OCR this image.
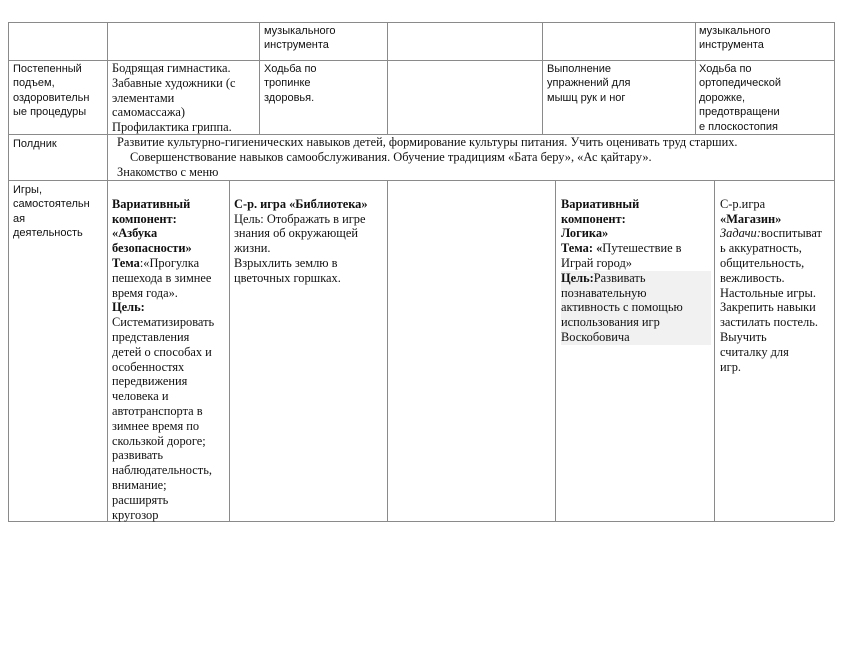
музыкального
инструмента
музыкального
инструмента
Постепенный
подъем,
оздоровительн
ые процедуры
Бодрящая гимнастика.
Забавные художники (с
элементами
самомассажа)
Профилактика гриппа.
Ходьба по
тропинке
здоровья.
Выполнение
упражнений для
мышц рук и ног
Ходьба по
ортопедической
дорожке,
предотвращени
е плоскостопия
Полдник	Развитие культурно-гигиенических навыков детей, формирование культуры питания. Учить оценивать труд старших.
Совершенствование навыков самообслуживания. Обучение традициям «Бата беру», «Ас қайтару».
Знакомство с меню
Игры,
самостоятельн
ая
деятельность

Вариативный
компонент:
«Азбука
безопасности»
Тема:«Прогулка
пешехода в зимнее
время года».
Цель:
Систематизировать
представления
детей о способах и
особенностях
передвижения
человека и
автотранспорта в
зимнее время по
скользкой дороге;
развивать
наблюдательность,
внимание;
расширять
кругозор

С-р. игра «Библиотека»
Цель: Отображать в игре
знания об окружающей
жизни.
Взрыхлить землю в
цветочных горшках.

Вариативный
компонент:
Логика»
Тема: «Путешествие в
Играй город»
Цель:Развивать
познавательную
активность с помощью
использования игр
Воскобовича

С-р.игра
«Магазин»
Задачи:воспитыват
ь аккуратность,
общительность,
вежливость.
Настольные игры.
Закрепить навыки
застилать постель.
Выучить
считалку для
игр.
